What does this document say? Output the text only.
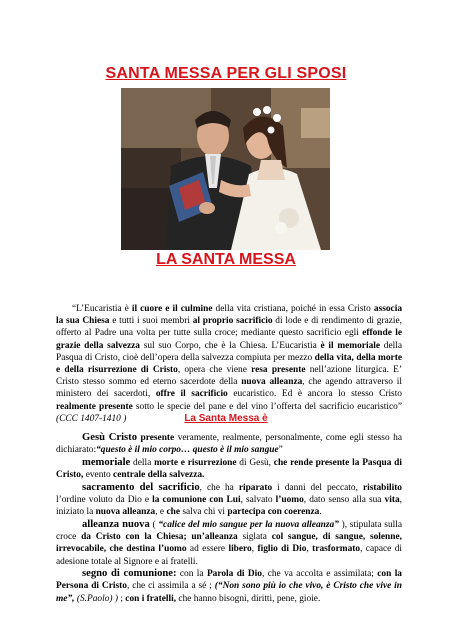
SANTA MESSA PER GLI SPOSI
LA SANTA MESSA
“L’Eucaristia è il cuore e il culmine della vita cristiana, poiché in essa Cristo associa la sua Chiesa e tutti i suoi membri al proprio sacrificio di lode e di rendimento di grazie, offerto al Padre una volta per tutte sulla croce; mediante questo sacrificio egli effonde le grazie della salvezza sul suo Corpo, che è la Chiesa. L’Eucaristia è il memoriale della Pasqua di Cristo, cioè dell’opera della salvezza compiuta per mezzo della vita, della morte e della risurrezione di Cristo, opera che viene resa presente nell’azione liturgica. E’ Cristo stesso sommo ed eterno sacerdote della nuova alleanza, che agendo attraverso il ministero dei sacerdoti, offre il sacrificio eucaristico. Ed è ancora lo stesso Cristo realmente presente sotto le specie del pane e del vino l’offerta del sacrificio eucaristico” (CCC 1407-1410 )	La Santa Messa è
Gesù Cristo presente veramente, realmente, personalmente, come egli stesso ha dichiarato:“questo è il mio corpo… questo è il mio sangue”
memoriale della morte e risurrezione di Gesù, che rende presente la Pasqua di Cristo, evento centrale della salvezza.
sacramento del sacrificio, che ha riparato i danni del peccato, ristabilito l’ordine voluto da Dio e la comunione con Lui, salvato l’uomo, dato senso alla sua vita, iniziato la nuova alleanza, e che salva chi vi partecipa con coerenza.
alleanza nuova ( “calice del mio sangue per la nuova alleanza” ), stipulata sulla croce da Cristo con la Chiesa; un’alleanza siglata col sangue, di sangue, solenne, irrevocabile, che destina l’uomo ad essere libero, figlio di Dio, trasformato, capace di adesione totale al Signore e ai fratelli.
segno di comunione: con la Parola di Dio, che va accolta e assimilata; con la Persona di Cristo, che ci assimila a sé ; (“Non sono più io che vivo, è Cristo che vive in me”, (S.Paolo) ) ; con i fratelli, che hanno bisogni, diritti, pene, gioie.
